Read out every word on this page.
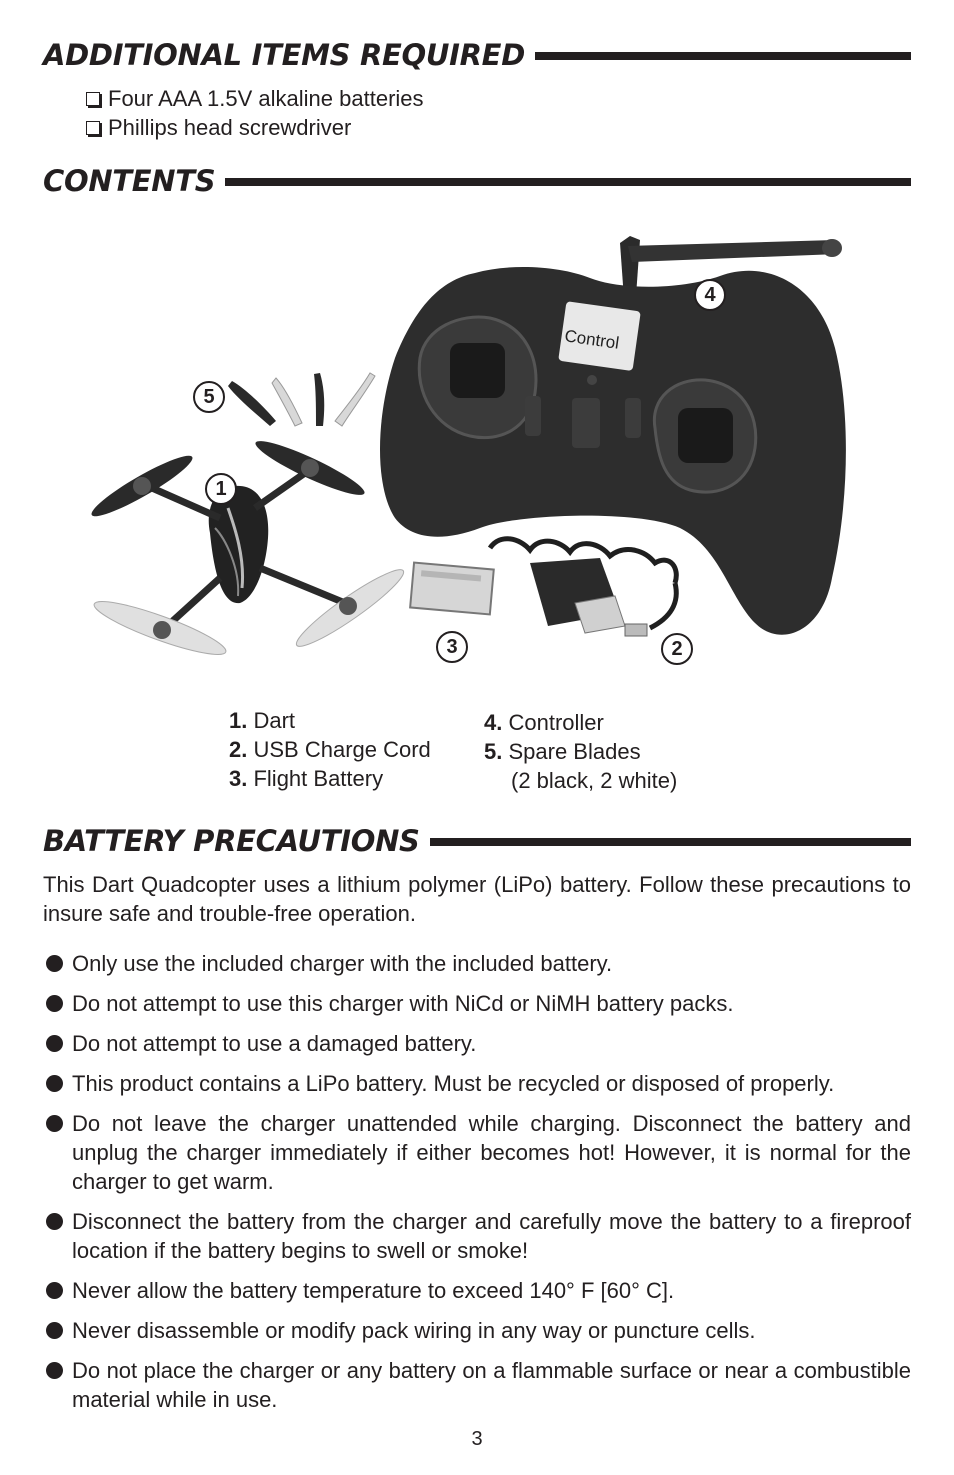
ADDITIONAL ITEMS REQUIRED
Four AAA 1.5V alkaline batteries
Phillips head screwdriver
CONTENTS
Control
5
1
3	2
4
1. Dart
2. USB Charge Cord
3. Flight Battery
4. Controller
5. Spare Blades
(2 black, 2 white)
BATTERY PRECAUTIONS

This Dart Quadcopter uses a lithium polymer (LiPo) battery. Follow these precautions to insure safe and trouble-free operation.

Only use the included charger with the included battery.
Do not attempt to use this charger with NiCd or NiMH battery packs.
Do not attempt to use a damaged battery.
This product contains a LiPo battery. Must be recycled or disposed of properly.
Do not leave the charger unattended while charging. Disconnect the battery and unplug the charger immediately if either becomes hot! However, it is normal for the charger to get warm.
Disconnect the battery from the charger and carefully move the battery to a fireproof location if the battery begins to swell or smoke!
Never allow the battery temperature to exceed 140° F [60° C].
Never disassemble or modify pack wiring in any way or puncture cells.
Do not place the charger or any battery on a flammable surface or near a combustible material while in use.
3
